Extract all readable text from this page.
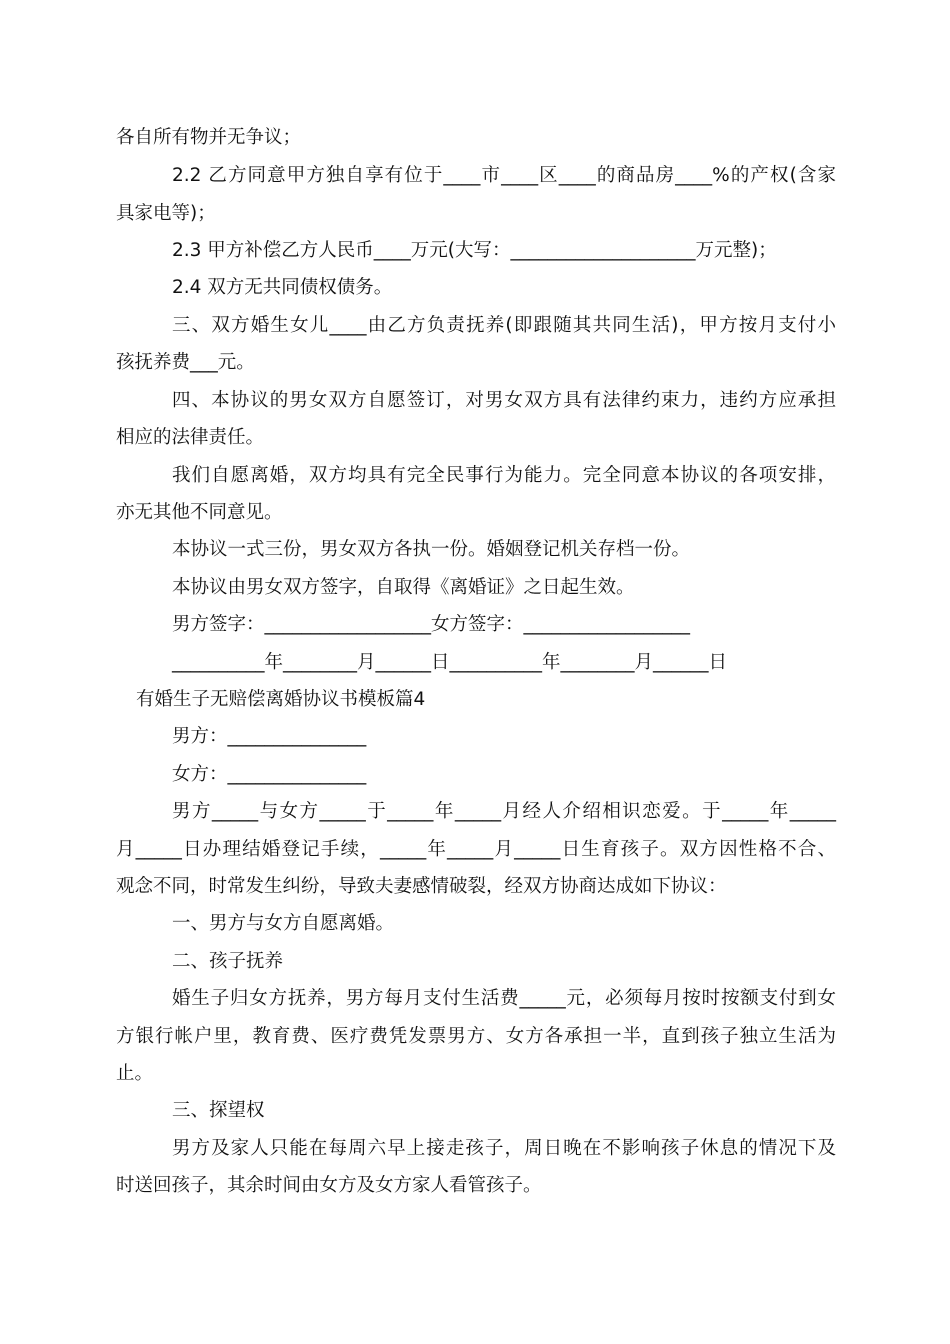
各自所有物并无争议；
2.2 乙方同意甲方独自享有位于____市____区____的商品房____%的产权(含家
具家电等)；
2.3 甲方补偿乙方人民币____万元(大写：____________________万元整)；
2.4 双方无共同债权债务。
三、双方婚生女儿____由乙方负责抚养(即跟随其共同生活)，甲方按月支付小
孩抚养费___元。
四、本协议的男女双方自愿签订，对男女双方具有法律约束力，违约方应承担
相应的法律责任。
我们自愿离婚，双方均具有完全民事行为能力。完全同意本协议的各项安排，
亦无其他不同意见。
本协议一式三份，男女双方各执一份。婚姻登记机关存档一份。
本协议由男女双方签字，自取得《离婚证》之日起生效。
男方签字：__________________女方签字：__________________
__________年________月______日__________年________月______日
有婚生子无赔偿离婚协议书模板篇4
男方：_______________
女方：_______________
男方_____与女方_____于_____年_____月经人介绍相识恋爱。于_____年_____
月_____日办理结婚登记手续，_____年_____月_____日生育孩子。双方因性格不合、
观念不同，时常发生纠纷，导致夫妻感情破裂，经双方协商达成如下协议：
一、男方与女方自愿离婚。
二、孩子抚养
婚生子归女方抚养，男方每月支付生活费_____元，必须每月按时按额支付到女
方银行帐户里，教育费、医疗费凭发票男方、女方各承担一半，直到孩子独立生活为
止。
三、探望权
男方及家人只能在每周六早上接走孩子，周日晚在不影响孩子休息的情况下及
时送回孩子，其余时间由女方及女方家人看管孩子。
